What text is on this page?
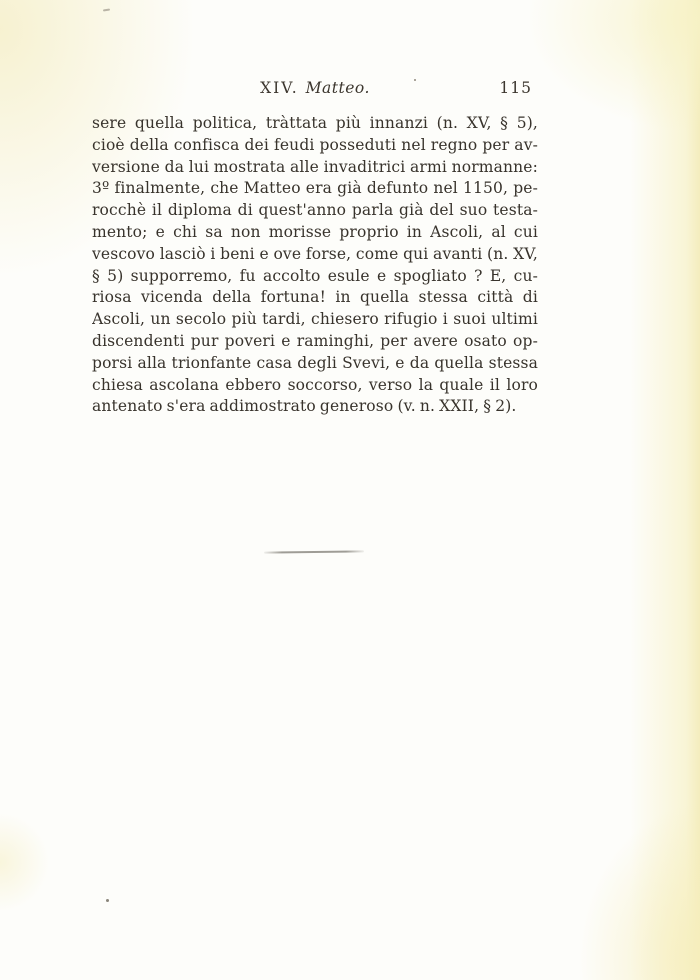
XIV. Matteo.	115
sere quella politica, tràttata più innanzi (n. XV, § 5),
cioè della confisca dei feudi posseduti nel regno per av-
versione da lui mostrata alle invaditrici armi normanne:
3º finalmente, che Matteo era già defunto nel 1150, pe-
rocchè il diploma di quest'anno parla già del suo testa-
mento; e chi sa non morisse proprio in Ascoli, al cui
vescovo lasciò i beni e ove forse, come qui avanti (n. XV,
§ 5) supporremo, fu accolto esule e spogliato ? E, cu-
riosa vicenda della fortuna! in quella stessa città di
Ascoli, un secolo più tardi, chiesero rifugio i suoi ultimi
discendenti pur poveri e raminghi, per avere osato op-
porsi alla trionfante casa degli Svevi, e da quella stessa
chiesa ascolana ebbero soccorso, verso la quale il loro
antenato s'era addimostrato generoso (v. n. XXII, § 2).
